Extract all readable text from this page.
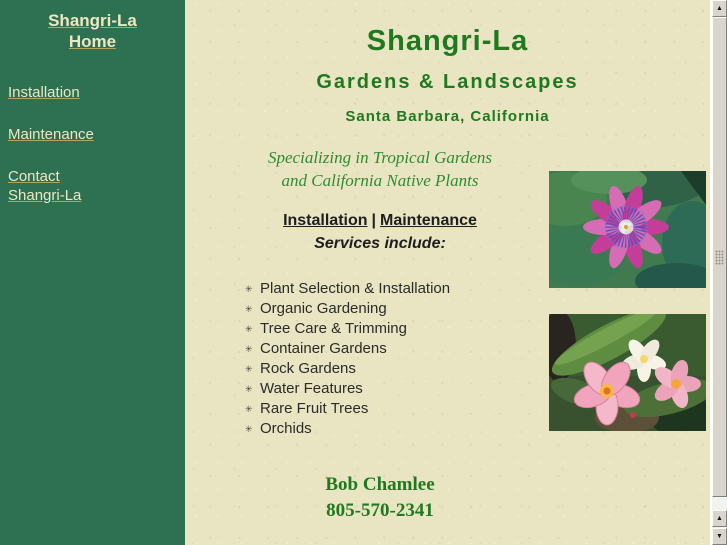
Shangri-La
Home
Installation
Maintenance
Contact
Shangri-La
Shangri-La
Gardens & Landscapes
Santa Barbara, California

Specializing in Tropical Gardens
and California Native Plants

Installation | Maintenance

Services include:

✳ Plant Selection & Installation
✳ Organic Gardening
✳ Tree Care & Trimming
✳ Container Gardens
✳ Rock Gardens
✳ Water Features
✳ Rare Fruit Trees
✳ Orchids

Bob Chamlee

805-570-2341

▲
▲
▼
